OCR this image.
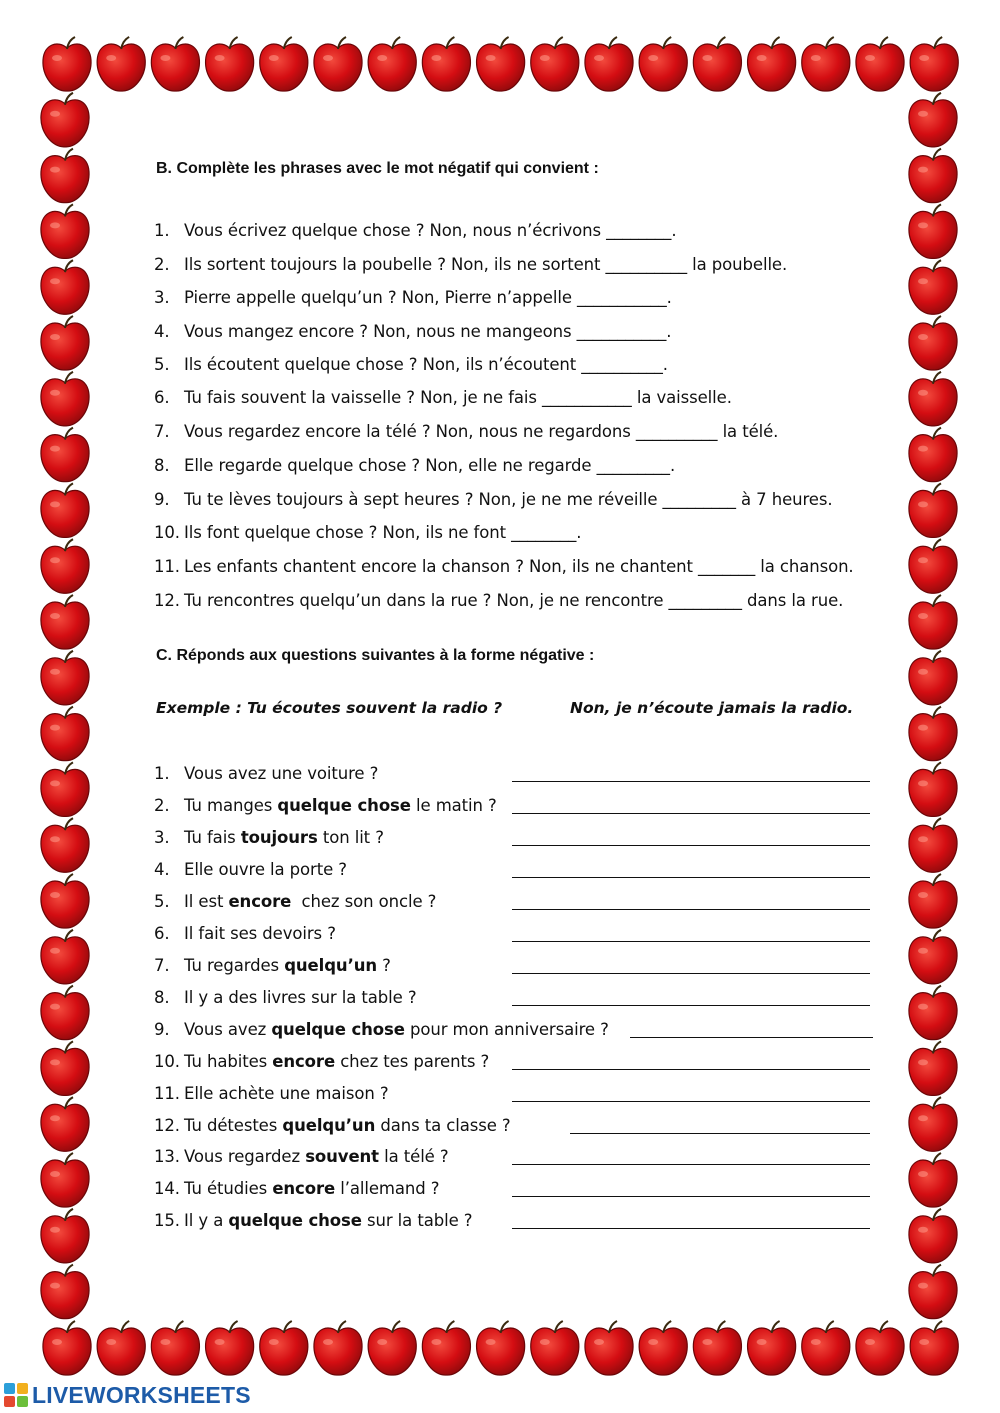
B. Complète les phrases avec le mot négatif qui convient :
1. Vous écrivez quelque chose ? Non, nous n’écrivons ________.
2. Ils sortent toujours la poubelle ? Non, ils ne sortent __________ la poubelle.
3. Pierre appelle quelqu’un ? Non, Pierre n’appelle ___________.
4. Vous mangez encore ? Non, nous ne mangeons ___________.
5. Ils écoutent quelque chose ? Non, ils n’écoutent __________.
6. Tu fais souvent la vaisselle ? Non, je ne fais ___________ la vaisselle.
7. Vous regardez encore la télé ? Non, nous ne regardons __________ la télé.
8. Elle regarde quelque chose ? Non, elle ne regarde _________.
9. Tu te lèves toujours à sept heures ? Non, je ne me réveille _________ à 7 heures.
10. Ils font quelque chose ? Non, ils ne font ________.
11. Les enfants chantent encore la chanson ? Non, ils ne chantent _______ la chanson.
12. Tu rencontres quelqu’un dans la rue ? Non, je ne rencontre _________ dans la rue.
C. Réponds aux questions suivantes à la forme négative :
Exemple : Tu écoutes souvent la radio ?	Non, je n’écoute jamais la radio.
1. Vous avez une voiture ?
2. Tu manges quelque chose le matin ?
3. Tu fais toujours ton lit ?
4. Elle ouvre la porte ?
5. Il est encore  chez son oncle ?
6. Il fait ses devoirs ?
7. Tu regardes quelqu’un ?
8. Il y a des livres sur la table ?
9. Vous avez quelque chose pour mon anniversaire ?
10. Tu habites encore chez tes parents ?
11. Elle achète une maison ?
12. Tu détestes quelqu’un dans ta classe ?
13. Vous regardez souvent la télé ?
14. Tu étudies encore l’allemand ?
15. Il y a quelque chose sur la table ?
LIVEWORKSHEETS
